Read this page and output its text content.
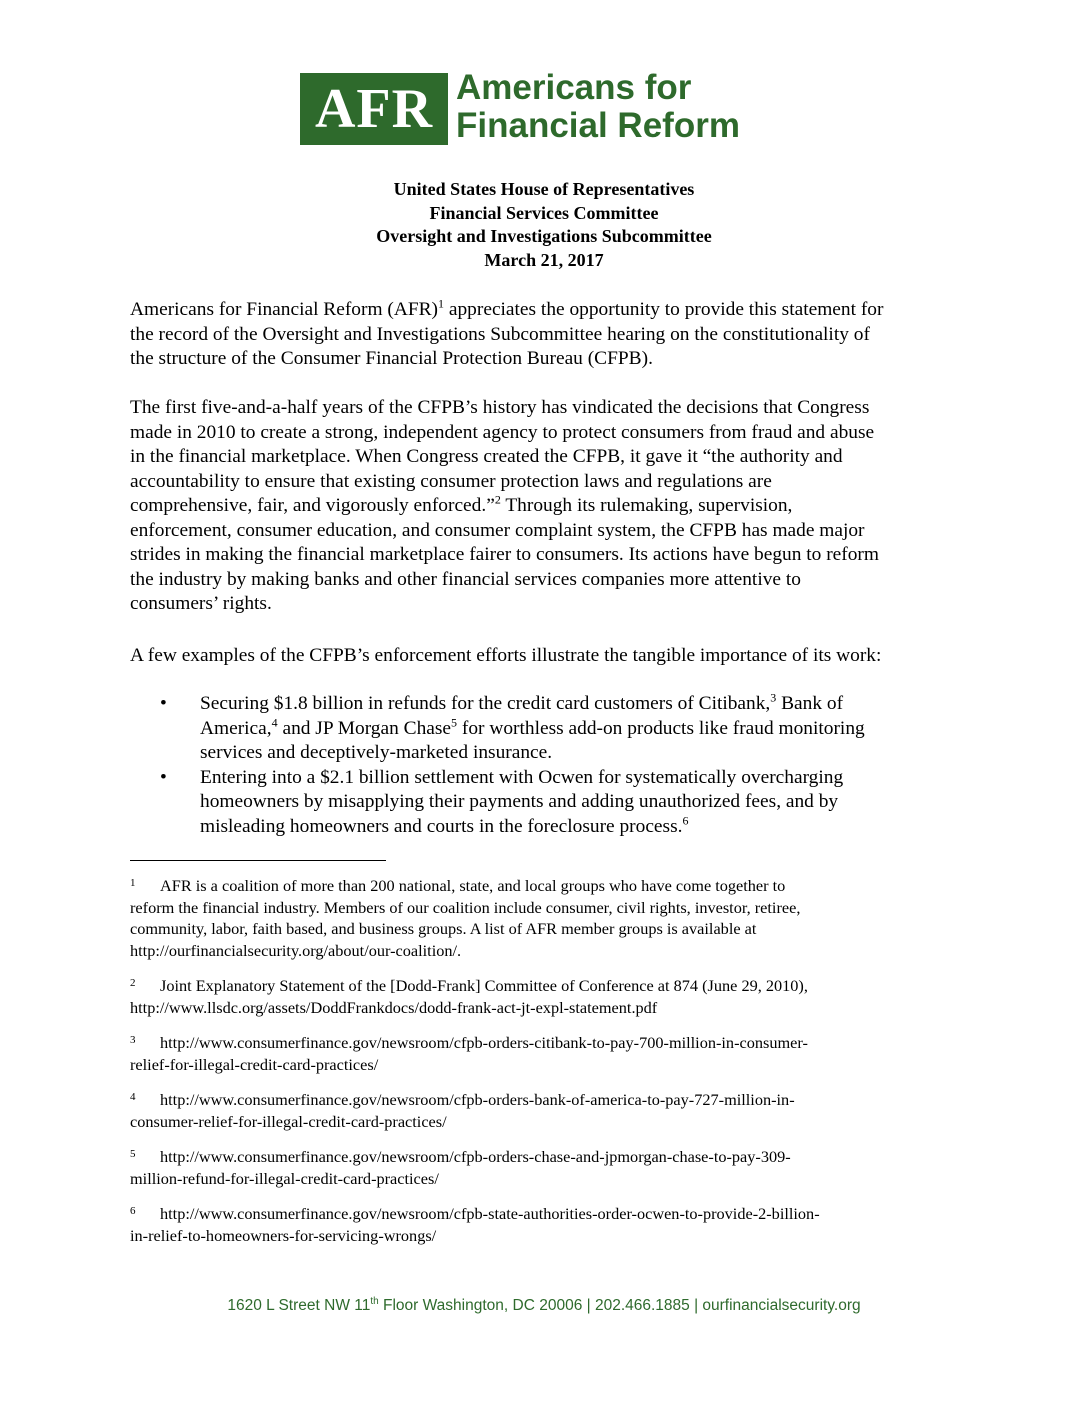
AFR Americans for
Financial Reform
United States House of Representatives
Financial Services Committee
Oversight and Investigations Subcommittee
March 21, 2017
Americans for Financial Reform (AFR)$^1$ appreciates the opportunity to provide this statement for
the record of the Oversight and Investigations Subcommittee hearing on the constitutionality of
the structure of the Consumer Financial Protection Bureau (CFPB).
The first five-and-a-half years of the CFPB’s history has vindicated the decisions that Congress
made in 2010 to create a strong, independent agency to protect consumers from fraud and abuse
in the financial marketplace. When Congress created the CFPB, it gave it “the authority and
accountability to ensure that existing consumer protection laws and regulations are
comprehensive, fair, and vigorously enforced.”$^2$ Through its rulemaking, supervision,
enforcement, consumer education, and consumer complaint system, the CFPB has made major
strides in making the financial marketplace fairer to consumers. Its actions have begun to reform
the industry by making banks and other financial services companies more attentive to
consumers’ rights.
A few examples of the CFPB’s enforcement efforts illustrate the tangible importance of its work:
• Securing $1.8 billion in refunds for the credit card customers of Citibank,$^3$ Bank of
America,$^4$ and JP Morgan Chase$^5$ for worthless add-on products like fraud monitoring
services and deceptively-marketed insurance.
• Entering into a $2.1 billion settlement with Ocwen for systematically overcharging
homeowners by misapplying their payments and adding unauthorized fees, and by
misleading homeowners and courts in the foreclosure process.$^6$
1 AFR is a coalition of more than 200 national, state, and local groups who have come together to
reform the financial industry. Members of our coalition include consumer, civil rights, investor, retiree,
community, labor, faith based, and business groups. A list of AFR member groups is available at
http://ourfinancialsecurity.org/about/our-coalition/.
2 Joint Explanatory Statement of the [Dodd-Frank] Committee of Conference at 874 (June 29, 2010),
http://www.llsdc.org/assets/DoddFrankdocs/dodd-frank-act-jt-expl-statement.pdf
3 http://www.consumerfinance.gov/newsroom/cfpb-orders-citibank-to-pay-700-million-in-consumer-
relief-for-illegal-credit-card-practices/
4 http://www.consumerfinance.gov/newsroom/cfpb-orders-bank-of-america-to-pay-727-million-in-
consumer-relief-for-illegal-credit-card-practices/
5 http://www.consumerfinance.gov/newsroom/cfpb-orders-chase-and-jpmorgan-chase-to-pay-309-
million-refund-for-illegal-credit-card-practices/
6 http://www.consumerfinance.gov/newsroom/cfpb-state-authorities-order-ocwen-to-provide-2-billion-
in-relief-to-homeowners-for-servicing-wrongs/
1620 L Street NW 11th Floor Washington, DC 20006 | 202.466.1885 | ourfinancialsecurity.org
